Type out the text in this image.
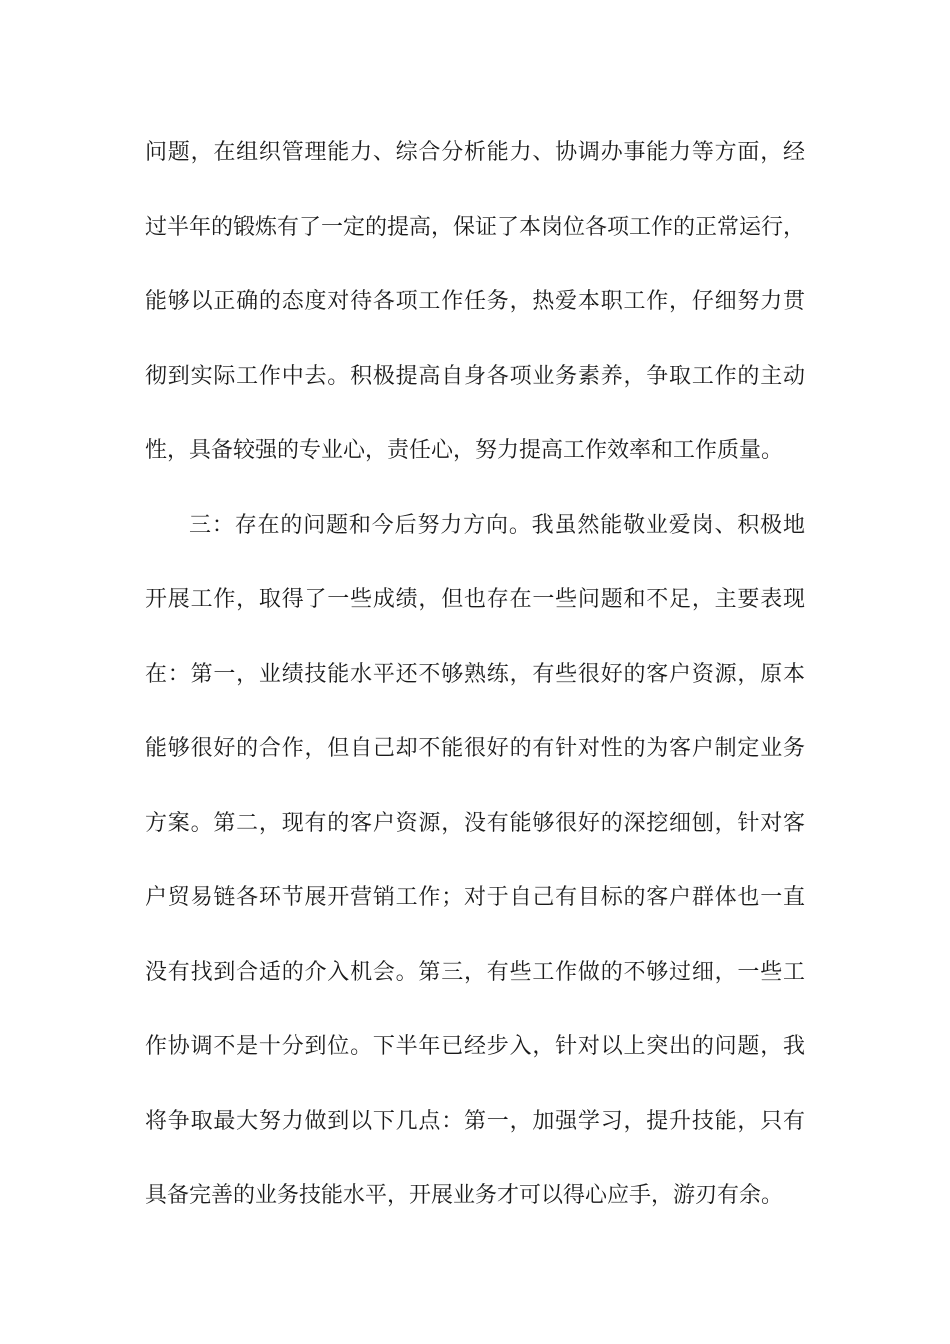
问题，在组织管理能力、综合分析能力、协调办事能力等方面，经
过半年的锻炼有了一定的提高，保证了本岗位各项工作的正常运行，
能够以正确的态度对待各项工作任务，热爱本职工作，仔细努力贯
彻到实际工作中去。积极提高自身各项业务素养，争取工作的主动
性，具备较强的专业心，责任心，努力提高工作效率和工作质量。
三：存在的问题和今后努力方向。我虽然能敬业爱岗、积极地
开展工作，取得了一些成绩，但也存在一些问题和不足，主要表现
在：第一，业绩技能水平还不够熟练，有些很好的客户资源，原本
能够很好的合作，但自己却不能很好的有针对性的为客户制定业务
方案。第二，现有的客户资源，没有能够很好的深挖细刨，针对客
户贸易链各环节展开营销工作；对于自己有目标的客户群体也一直
没有找到合适的介入机会。第三，有些工作做的不够过细，一些工
作协调不是十分到位。下半年已经步入，针对以上突出的问题，我
将争取最大努力做到以下几点：第一，加强学习，提升技能，只有
具备完善的业务技能水平，开展业务才可以得心应手，游刃有余。
